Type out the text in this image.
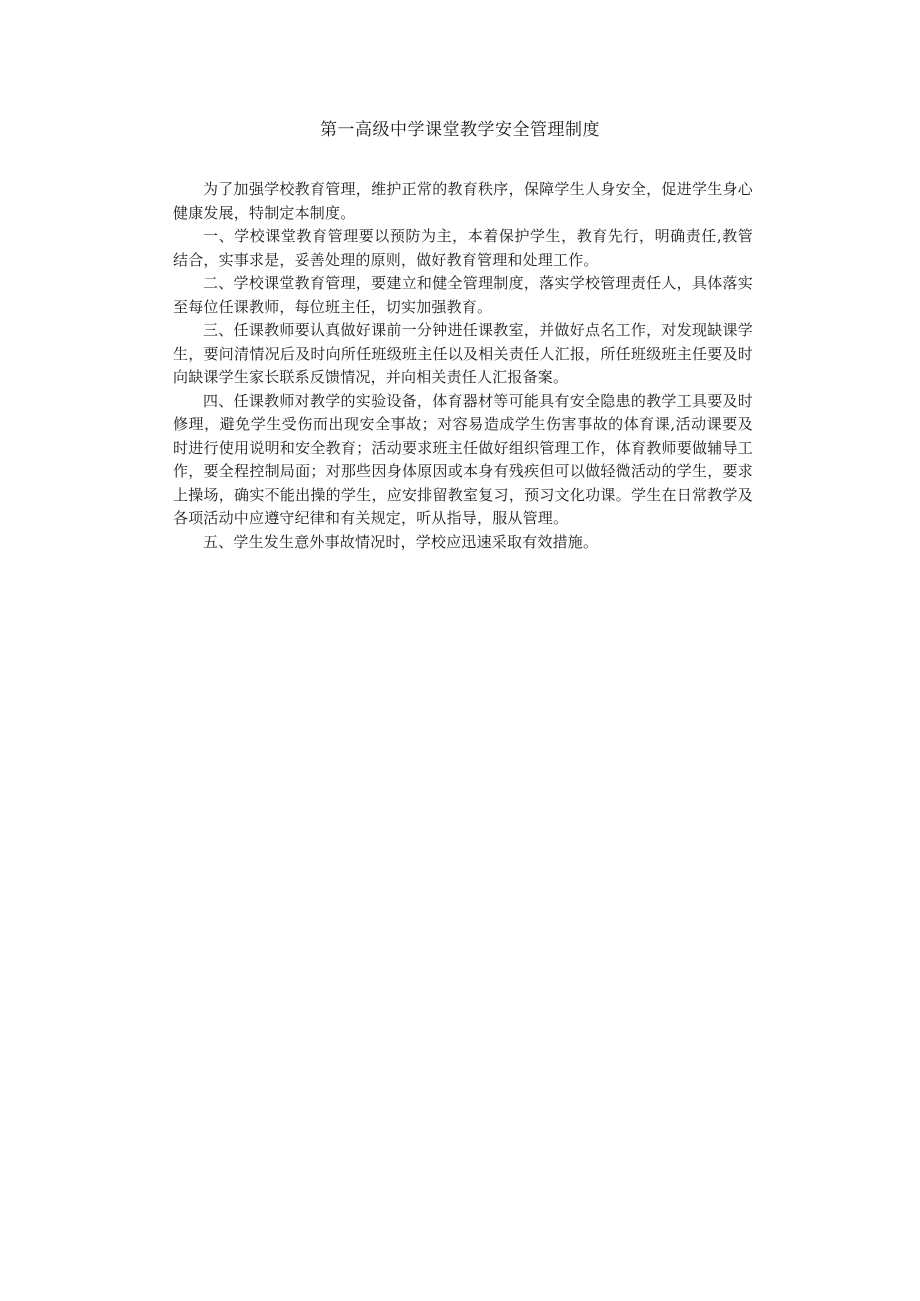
第一高级中学课堂教学安全管理制度

为了加强学校教育管理，维护正常的教育秩序，保障学生人身安全，促进学生身心健康发展，特制定本制度。

一、学校课堂教育管理要以预防为主，本着保护学生，教育先行，明确责任,教管结合，实事求是，妥善处理的原则，做好教育管理和处理工作。

二、学校课堂教育管理，要建立和健全管理制度，落实学校管理责任人，具体落实至每位任课教师，每位班主任，切实加强教育。

三、任课教师要认真做好课前一分钟进任课教室，并做好点名工作，对发现缺课学生，要问清情况后及时向所任班级班主任以及相关责任人汇报，所任班级班主任要及时向缺课学生家长联系反馈情况，并向相关责任人汇报备案。

四、任课教师对教学的实验设备，体育器材等可能具有安全隐患的教学工具要及时修理，避免学生受伤而出现安全事故；对容易造成学生伤害事故的体育课,活动课要及时进行使用说明和安全教育；活动要求班主任做好组织管理工作，体育教师要做辅导工作，要全程控制局面；对那些因身体原因或本身有残疾但可以做轻微活动的学生，要求上操场，确实不能出操的学生，应安排留教室复习，预习文化功课。学生在日常教学及各项活动中应遵守纪律和有关规定，听从指导，服从管理。

五、学生发生意外事故情况时，学校应迅速采取有效措施。
